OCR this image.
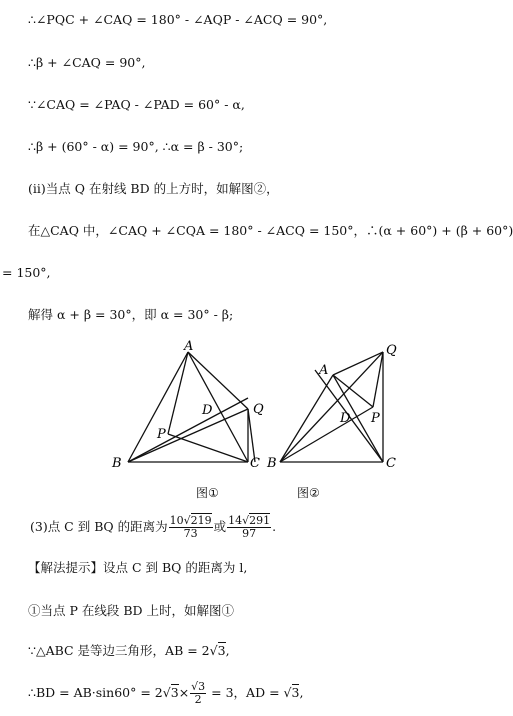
∴∠PQC + ∠CAQ = 180° - ∠AQP - ∠ACQ = 90°,
∴β + ∠CAQ = 90°,
∵∠CAQ = ∠PAQ - ∠PAD = 60° - α,
∴β + (60° - α) = 90°, ∴α = β - 30°;
(ii)当点 Q 在射线 BD 的上方时，如解图②，
在△CAQ 中，∠CAQ + ∠CQA = 180° - ∠ACQ = 150°，∴(α + 60°) + (β + 60°)
= 150°,
解得 α + β = 30°，即 α = 30° - β;
A
B	C
D
P
Q
A
B	C
D P
Q
图①	图②
(3)点 C 到 BQ 的距离为 $\frac{10√219}{73}$ 或 $\frac{14√291}{97}$ .
【解法提示】设点 C 到 BQ 的距离为 l,
①当点 P 在线段 BD 上时，如解图①
∵△ABC 是等边三角形，AB = 2√3,
∴BD = $AB\cdot\sin 60^\circ = 2√3\times \frac{√3}{2} = 3$，AD = √3,
